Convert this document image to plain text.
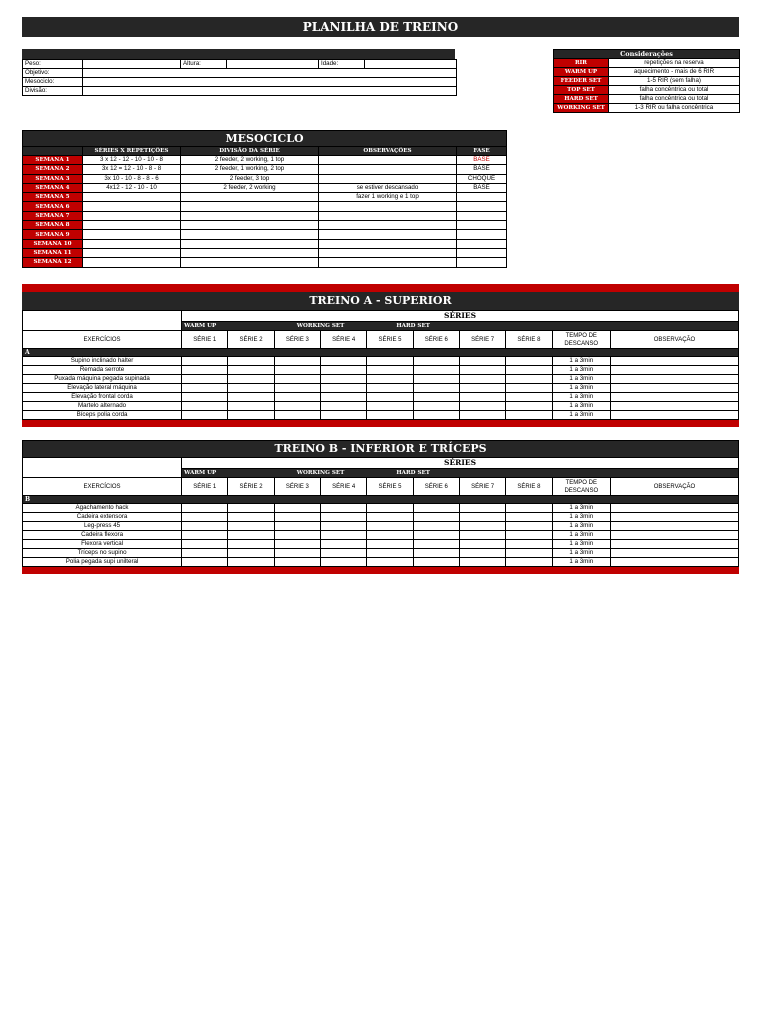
PLANILHA DE TREINO
Peso:		Altura:		Idade:	
Objetivo:					
Mesociclo:					
Divisão:					
Considerações	
RIR	repetições na reserva
WARM UP	aquecimento - mais de 6 RIR
FEEDER SET	1-5 RIR (sem falha)
TOP SET	falha concêntrica ou total
HARD SET	falha concêntrica ou total
WORKING SET	1-3 RIR ou falha concêntrica
MESOCICLO				
	SÉRIES X REPETIÇÕES	DIVISÃO DA SÉRIE	OBSERVAÇÕES	FASE
SEMANA 1	3 x 12 - 12 - 10 - 10 - 8	2 feeder, 2 working, 1 top		BASE
SEMANA 2	3x 12 = 12 - 10 - 8 - 8	2 feeder, 1 working, 2 top		BASE
SEMANA 3	3x 10 - 10 - 8 - 8 - 6	2 feeder, 3 top		CHOQUE
SEMANA 4	4x12 - 12 - 10 - 10	2 feeder, 2 working	se estiver descansado	BASE
SEMANA 5			fazer 1 working e 1 top	
SEMANA 6				
SEMANA 7				
SEMANA 8				
SEMANA 9				
SEMANA 10				
SEMANA 11				
SEMANA 12				
TREINO A - SUPERIOR
	SÉRIES									
	WARM UP		WORKING SET		HARD SET					
EXERCÍCIOS	SÉRIE 1	SÉRIE 2	SÉRIE 3	SÉRIE 4	SÉRIE 5	SÉRIE 6	SÉRIE 7	SÉRIE 8	TEMPO DE
DESCANSO	OBSERVAÇÃO
A										
Supino inclinado halter									1 a 3min	
Remada serrote									1 a 3min	
Puxada máquina pegada supinada									1 a 3min	
Elevação lateral máquina									1 a 3min	
Elevação frontal corda									1 a 3min	
Martelo alternado									1 a 3min	
Bíceps polia corda									1 a 3min	

TREINO B - INFERIOR E TRÍCEPS										
	SÉRIES									
	WARM UP		WORKING SET		HARD SET					
EXERCÍCIOS	SÉRIE 1	SÉRIE 2	SÉRIE 3	SÉRIE 4	SÉRIE 5	SÉRIE 6	SÉRIE 7	SÉRIE 8	TEMPO DE
DESCANSO	OBSERVAÇÃO
B										
Agachamento hack									1 a 3min	
Cadeira extensora									1 a 3min	
Leg-press 45									1 a 3min	
Cadeira flexora									1 a 3min	
Flexora vertical									1 a 3min	
Tríceps no supino									1 a 3min	
Polia pegada supi unilteral									1 a 3min	
